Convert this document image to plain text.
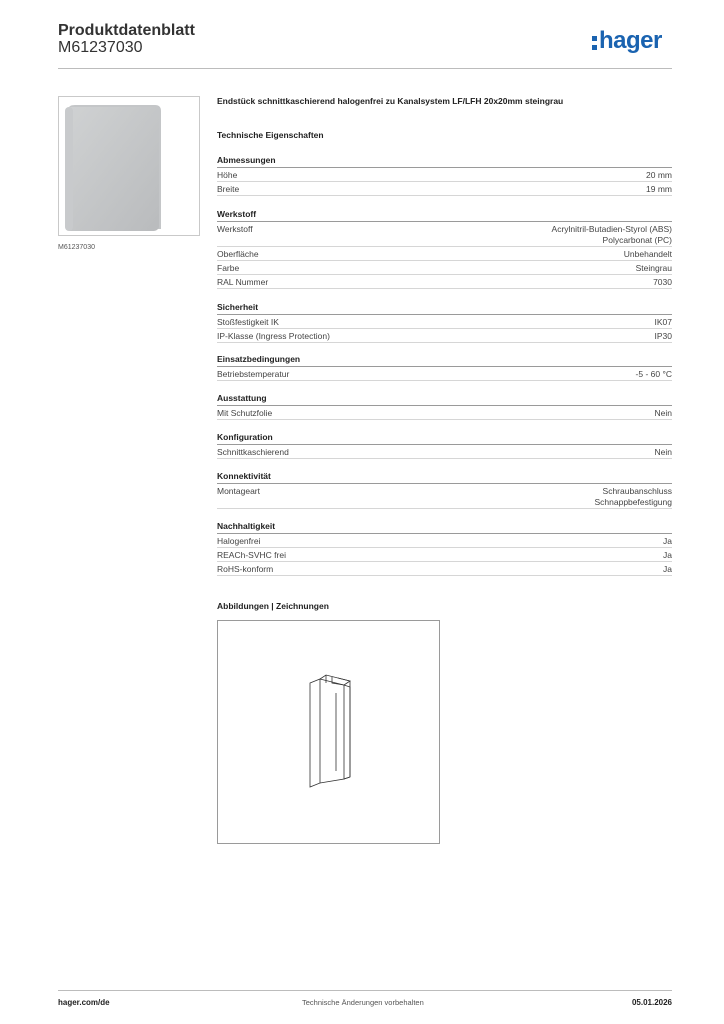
Produktdatenblatt
M61237030	hager
M61237030
Endstück schnittkaschierend halogenfrei zu Kanalsystem LF/LFH 20x20mm steingrau
Technische Eigenschaften
Abmessungen
Höhe	20 mm
Breite	19 mm
Werkstoff
Werkstoff	Acrylnitril-Butadien-Styrol (ABS)
Polycarbonat (PC)
Oberfläche	Unbehandelt
Farbe	Steingrau
RAL Nummer	7030
Sicherheit
Stoßfestigkeit IK	IK07
IP-Klasse (Ingress Protection)	IP30
Einsatzbedingungen
Betriebstemperatur	-5 - 60 °C
Ausstattung
Mit Schutzfolie	Nein
Konfiguration
Schnittkaschierend	Nein
Konnektivität
Montageart	Schraubanschluss
Schnappbefestigung
Nachhaltigkeit
Halogenfrei	Ja
REACh-SVHC frei	Ja
RoHS-konform	Ja
Abbildungen | Zeichnungen
hager.com/de	Technische Änderungen vorbehalten	05.01.2026
